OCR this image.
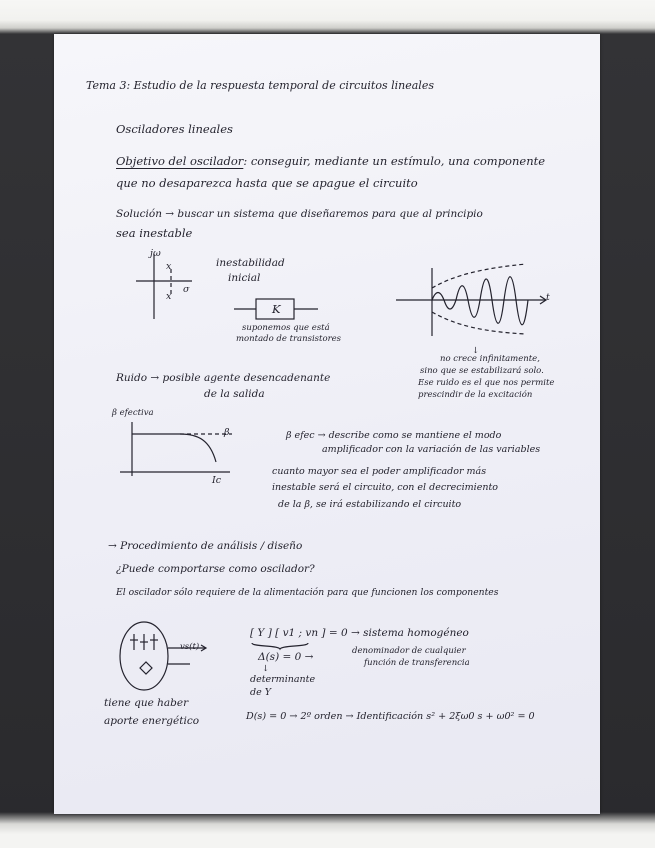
Tema 3: Estudio de la respuesta temporal de circuitos lineales

Osciladores lineales

Objetivo del oscilador: conseguir, mediante un estímulo, una componente

que no desaparezca hasta que se apague el circuito

Solución → buscar un sistema que diseñaremos para que al principio

sea inestable

jω

σ

x

x

inestabilidad

inicial

K

suponemos que está

montado de transistores

t

↓

no crece infinitamente,

sino que se estabilizará solo.

Ese ruido es el que nos permite

prescindir de la excitación

Ruido → posible agente desencadenante

de la salida

β efectiva

β

Ic

β efec → describe como se mantiene el modo

amplificador con la variación de las variables

cuanto mayor sea el poder amplificador más

inestable será el circuito, con el decrecimiento

de la β, se irá estabilizando el circuito

→ Procedimiento de análisis / diseño

¿Puede comportarse como oscilador?

El oscilador sólo requiere de la alimentación para que funcionen los componentes

vs(t)

tiene que haber

aporte energético

[ Y ] [ v1 ; vn ] = 0 → sistema homogéneo

Δ(s) = 0 →	denominador de cualquier

función de transferencia

↓

determinante

de Y

D(s) = 0 → 2º orden → Identificación s² + 2ξω0 s + ω0² = 0
